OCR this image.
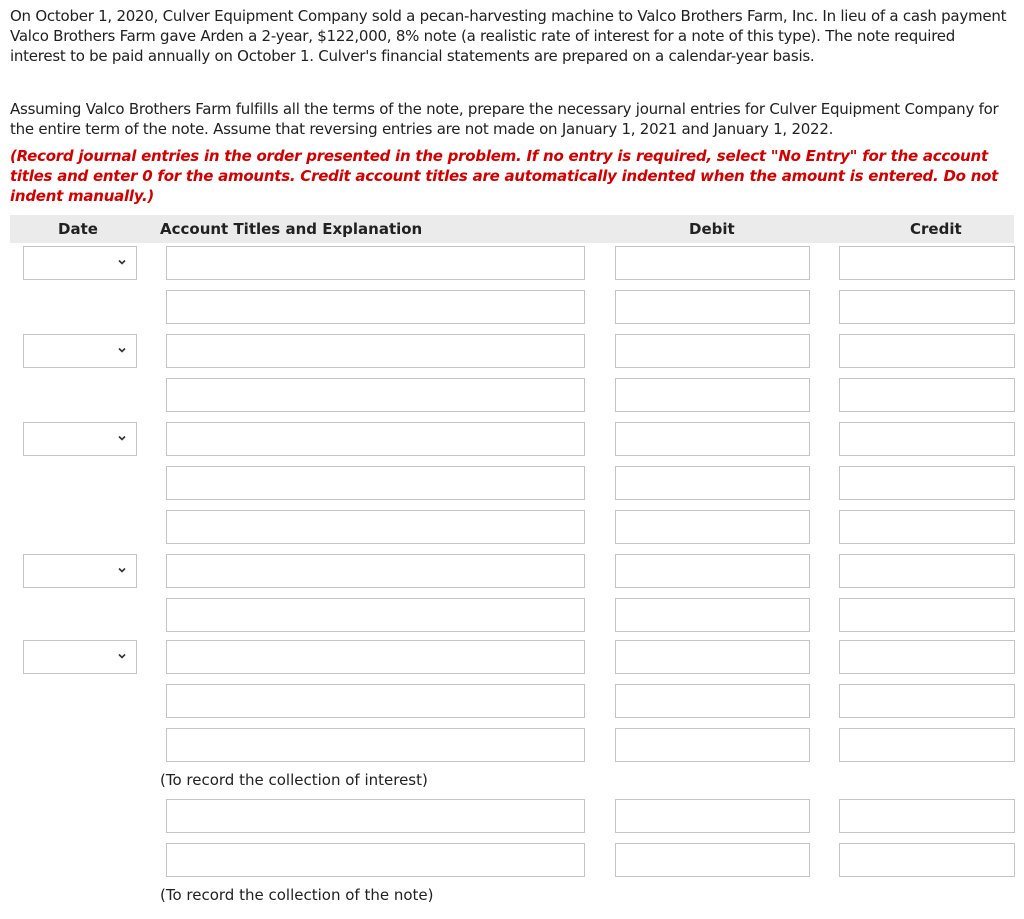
On October 1, 2020, Culver Equipment Company sold a pecan-harvesting machine to Valco Brothers Farm, Inc. In lieu of a cash payment Valco Brothers Farm gave Arden a 2-year, $122,000, 8% note (a realistic rate of interest for a note of this type). The note required interest to be paid annually on October 1. Culver's financial statements are prepared on a calendar-year basis.

Assuming Valco Brothers Farm fulfills all the terms of the note, prepare the necessary journal entries for Culver Equipment Company for the entire term of the note. Assume that reversing entries are not made on January 1, 2021 and January 1, 2022.

(Record journal entries in the order presented in the problem. If no entry is required, select "No Entry" for the account titles and enter 0 for the amounts. Credit account titles are automatically indented when the amount is entered. Do not indent manually.)

Date	Account Titles and Explanation	Debit	Credit
(To record the collection of interest)
(To record the collection of the note)
